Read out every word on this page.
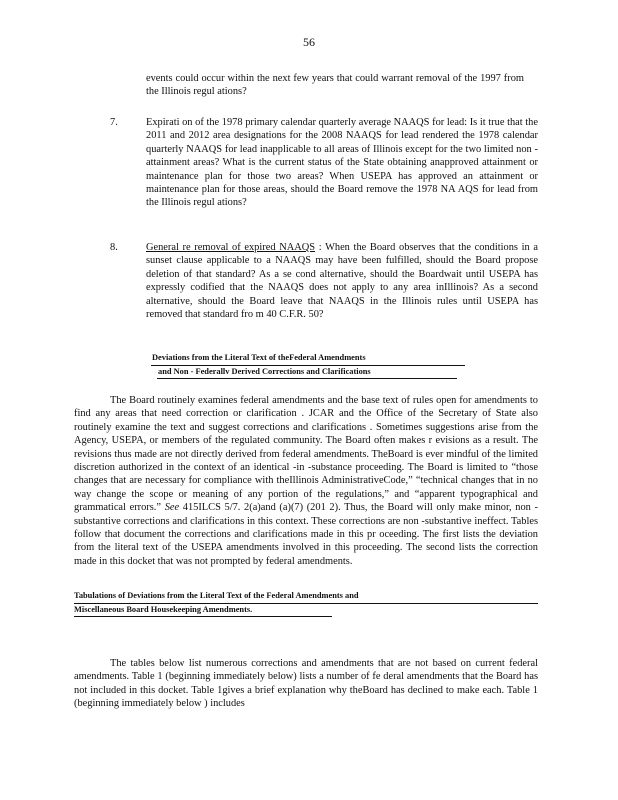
56

events could occur within the next few years that could warrant removal of the 1997 from the Illinois regul ations?

7.	Expirati on of the 1978 primary calendar quarterly average NAAQS for lead: Is it true that the 2011 and 2012 area designations for the 2008 NAAQS for lead rendered the 1978 calendar quarterly NAAQS for lead inapplicable to all areas of Illinois except for the two limited non -attainment areas? What is the current status of the State obtaining anapproved attainment or maintenance plan for those two areas? When USEPA has approved an attainment or maintenance plan for those areas, should the Board remove the 1978 NA AQS for lead from the Illinois regul ations?

8.	General re removal of expired NAAQS : When the Board observes that the conditions in a sunset clause applicable to a NAAQS may have been fulfilled, should the Board propose deletion of that standard? As a se cond alternative, should the Boardwait until USEPA has expressly codified that the NAAQS does not apply to any area inIllinois? As a second alternative, should the Board leave that NAAQS in the Illinois rules until USEPA has removed that standard fro m 40 C.F.R. 50?

Deviations from the Literal Text of theFederal Amendments
and Non - Federallv Derived Corrections and Clarifications

The Board routinely examines federal amendments and the base text of rules open for amendments to find any areas that need correction or clarification . JCAR and the Office of the Secretary of State also routinely examine the text and suggest corrections and clarifications . Sometimes suggestions arise from the Agency, USEPA, or members of the regulated community. The Board often makes r evisions as a result. The revisions thus made are not directly derived from federal amendments. TheBoard is ever mindful of the limited discretion authorized in the context of an identical -in -substance proceeding. The Board is limited to “those changes that are necessary for compliance with theIllinois AdministrativeCode,” “technical changes that in no way change the scope or meaning of any portion of the regulations,” and “apparent typographical and grammatical errors.” See 415ILCS 5/7. 2(a)and (a)(7) (201 2). Thus, the Board will only make minor, non -substantive corrections and clarifications in this context. These corrections are non -substantive ineffect. Tables follow that document the corrections and clarifications made in this pr oceeding. The first lists the deviation from the literal text of the USEPA amendments involved in this proceeding. The second lists the correction made in this docket that was not prompted by federal amendments.

Tabulations of Deviations from the Literal Text of the Federal Amendments and
Miscellaneous Board Housekeeping Amendments.

The tables below list numerous corrections and amendments that are not based on current federal amendments. Table 1 (beginning immediately below) lists a number of fe deral amendments that the Board has not included in this docket. Table 1gives a brief explanation why theBoard has declined to make each. Table 1 (beginning immediately below ) includes
